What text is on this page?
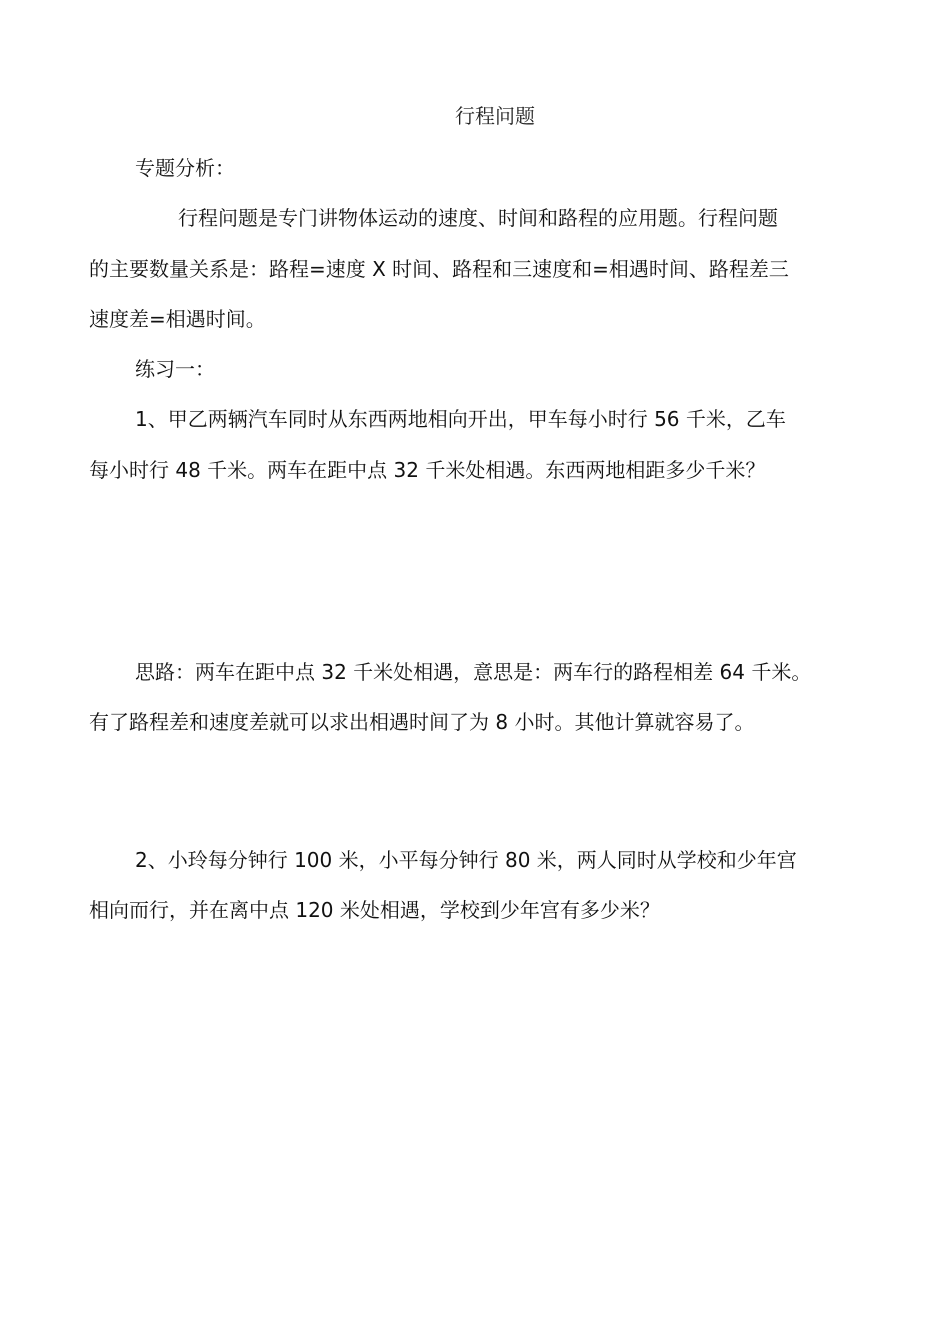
行程问题
专题分析：
行程问题是专门讲物体运动的速度、时间和路程的应用题。行程问题
的主要数量关系是：路程=速度 X 时间、路程和三速度和=相遇时间、路程差三
速度差=相遇时间。
练习一：
1、甲乙两辆汽车同时从东西两地相向开出，甲车每小时行 56 千米，乙车
每小时行 48 千米。两车在距中点 32 千米处相遇。东西两地相距多少千米？
思路：两车在距中点 32 千米处相遇，意思是：两车行的路程相差 64 千米。
有了路程差和速度差就可以求出相遇时间了为 8 小时。其他计算就容易了。
2、小玲每分钟行 100 米，小平每分钟行 80 米，两人同时从学校和少年宫
相向而行，并在离中点 120 米处相遇，学校到少年宫有多少米？
